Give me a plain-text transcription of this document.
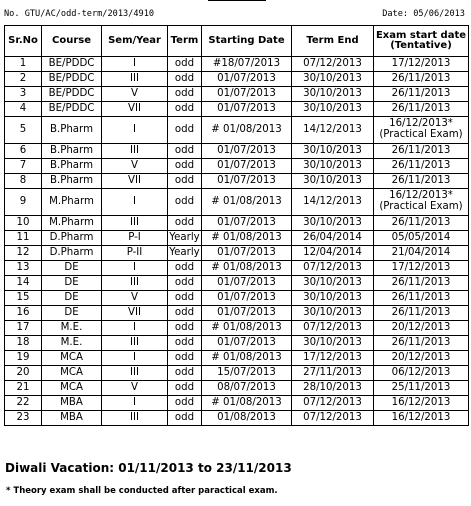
No. GTU/AC/odd-term/2013/4910	Date: 05/06/2013
Sr.No	Course	Sem/Year	Term	Starting Date	Term End	Exam start date
(Tentative)

1	BE/PDDC	I	odd	#18/07/2013	07/12/2013	17/12/2013

2	BE/PDDC	III	odd	01/07/2013	30/10/2013	26/11/2013

3	BE/PDDC	V	odd	01/07/2013	30/10/2013	26/11/2013

4	BE/PDDC	VII	odd	01/07/2013	30/10/2013	26/11/2013

5	B.Pharm	I	odd	# 01/08/2013	14/12/2013	16/12/2013*
(Practical Exam)

6	B.Pharm	III	odd	01/07/2013	30/10/2013	26/11/2013

7	B.Pharm	V	odd	01/07/2013	30/10/2013	26/11/2013

8	B.Pharm	VII	odd	01/07/2013	30/10/2013	26/11/2013

9	M.Pharm	I	odd	# 01/08/2013	14/12/2013	16/12/2013*
(Practical Exam)

10	M.Pharm	III	odd	01/07/2013	30/10/2013	26/11/2013

11	D.Pharm	P-I	Yearly	# 01/08/2013	26/04/2014	05/05/2014

12	D.Pharm	P-II	Yearly	01/07/2013	12/04/2014	21/04/2014

13	DE	I	odd	# 01/08/2013	07/12/2013	17/12/2013

14	DE	III	odd	01/07/2013	30/10/2013	26/11/2013

15	DE	V	odd	01/07/2013	30/10/2013	26/11/2013

16	DE	VII	odd	01/07/2013	30/10/2013	26/11/2013

17	M.E.	I	odd	# 01/08/2013	07/12/2013	20/12/2013

18	M.E.	III	odd	01/07/2013	30/10/2013	26/11/2013

19	MCA	I	odd	# 01/08/2013	17/12/2013	20/12/2013

20	MCA	III	odd	15/07/2013	27/11/2013	06/12/2013

21	MCA	V	odd	08/07/2013	28/10/2013	25/11/2013

22	MBA	I	odd	# 01/08/2013	07/12/2013	16/12/2013

23	MBA	III	odd	01/08/2013	07/12/2013	16/12/2013
Diwali Vacation: 01/11/2013 to 23/11/2013
* Theory exam shall be conducted after paractical exam.
